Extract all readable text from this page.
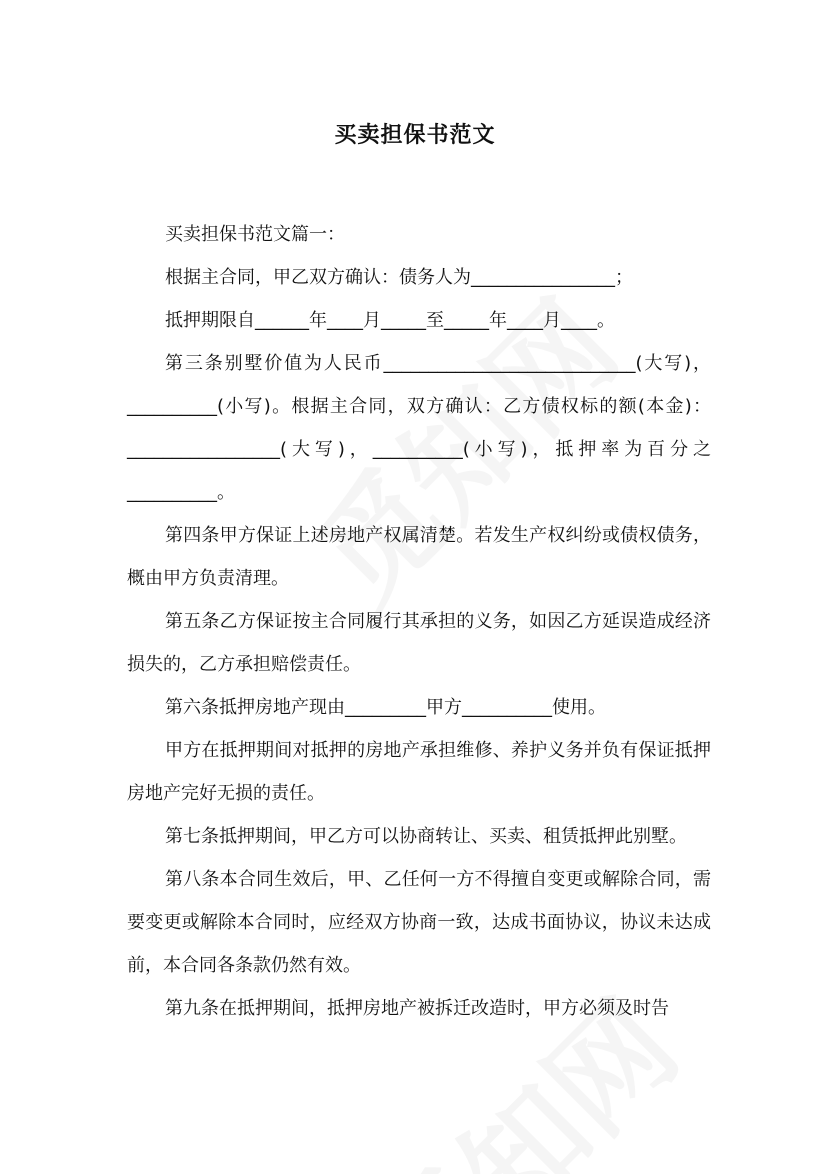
买卖担保书范文

买卖担保书范文篇一：

根据主合同，甲乙双方确认：债务人为________________；

抵押期限自______年____月_____至_____年____月____。

第三条别墅价值为人民币____________________________(大写)，__________(小写)。根据主合同，双方确认：乙方债权标的额(本金)：_________________(大写)，__________(小写)，抵押率为百分之__________。

第四条甲方保证上述房地产权属清楚。若发生产权纠纷或债权债务，概由甲方负责清理。

第五条乙方保证按主合同履行其承担的义务，如因乙方延误造成经济损失的，乙方承担赔偿责任。

第六条抵押房地产现由_________甲方__________使用。

甲方在抵押期间对抵押的房地产承担维修、养护义务并负有保证抵押房地产完好无损的责任。

第七条抵押期间，甲乙方可以协商转让、买卖、租赁抵押此别墅。

第八条本合同生效后，甲、乙任何一方不得擅自变更或解除合同，需要变更或解除本合同时，应经双方协商一致，达成书面协议，协议未达成前，本合同各条款仍然有效。

第九条在抵押期间，抵押房地产被拆迁改造时，甲方必须及时告
